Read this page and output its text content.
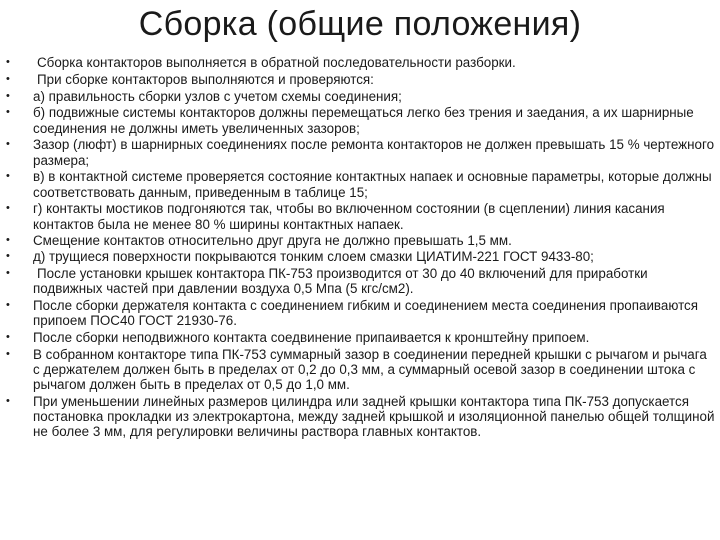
Сборка (общие положения)
• Сборка контакторов выполняется в обратной последовательности разборки.
• При сборке контакторов выполняются и проверяются:
• а) правильность сборки узлов с учетом схемы соединения;
• б) подвижные системы контакторов должны перемещаться легко без трения и заедания, а их шарнирные соединения не должны иметь увеличенных зазоров;
• Зазор (люфт) в шарнирных соединениях после ремонта контакторов не должен превышать 15 % чертежного размера;
• в) в контактной системе проверяется состояние контактных напаек и основные параметры, которые должны соответствовать данным, приведенным в таблице 15;
• г) контакты мостиков подгоняются так, чтобы во включенном состоянии (в сцеплении) линия касания контактов была не менее 80 % ширины контактных напаек.
• Смещение контактов относительно друг друга не должно превышать 1,5 мм.
• д) трущиеся поверхности покрываются тонким слоем смазки ЦИАТИМ-221 ГОСТ 9433-80;
• После установки крышек контактора ПК-753 производится от 30 до 40 включений для приработки подвижных частей при давлении воздуха 0,5 Мпа (5 кгс/см2).
• После сборки держателя контакта с соединением гибким и соединением места соединения пропаиваются припоем ПОС40 ГОСТ 21930-76.
• После сборки неподвижного контакта соедвинение припаивается к кронштейну припоем.
• В собранном контакторе типа ПК-753 суммарный зазор в соединении передней крышки с рычагом и рычага с держателем должен быть в пределах от 0,2 до 0,3 мм, а суммарный осевой зазор в соединении штока с рычагом должен быть в пределах от 0,5 до 1,0 мм.
• При уменьшении линейных размеров цилиндра или задней крышки контактора типа ПК-753 допускается постановка прокладки из электрокартона, между задней крышкой и изоляционной панелью общей толщиной не более 3 мм, для регулировки величины раствора главных контактов.
